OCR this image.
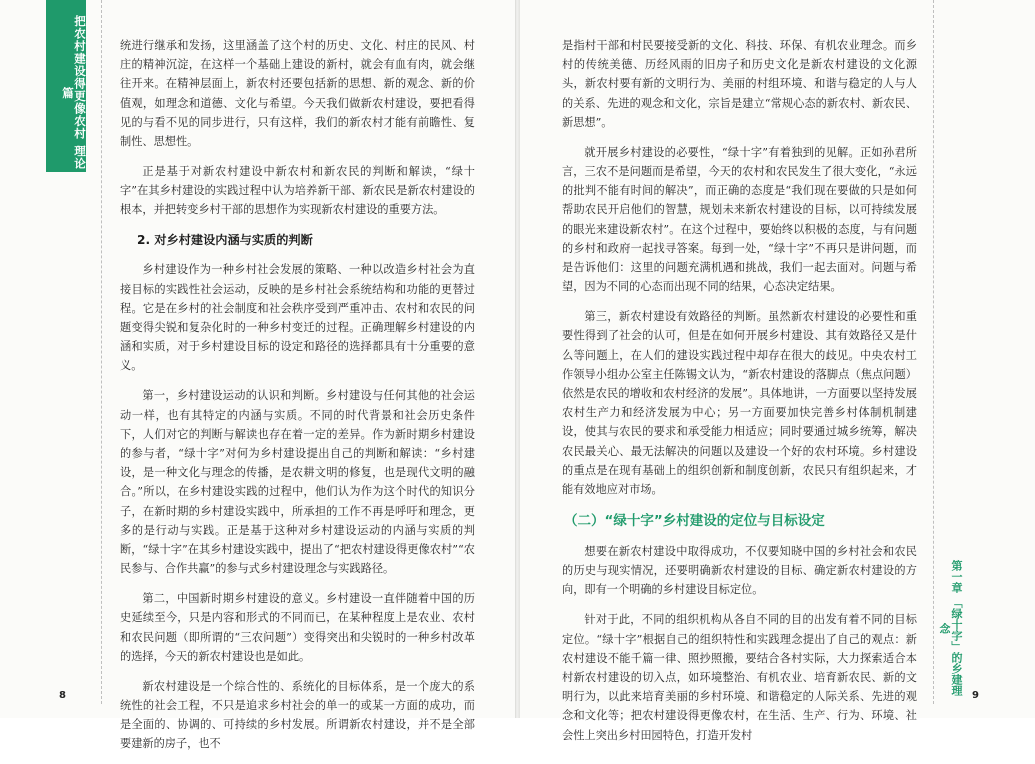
把农村建设得更像农村 理论篇

统进行继承和发扬，这里涵盖了这个村的历史、文化、村庄的民风、村庄的精神沉淀，在这样一个基础上建设的新村，就会有血有肉，就会继往开来。在精神层面上，新农村还要包括新的思想、新的观念、新的价值观，如理念和道德、文化与希望。今天我们做新农村建设，要把看得见的与看不见的同步进行，只有这样，我们的新农村才能有前瞻性、复制性、思想性。

正是基于对新农村建设中新农村和新农民的判断和解读，“绿十字”在其乡村建设的实践过程中认为培养新干部、新农民是新农村建设的根本，并把转变乡村干部的思想作为实现新农村建设的重要方法。

2. 对乡村建设内涵与实质的判断

乡村建设作为一种乡村社会发展的策略、一种以改造乡村社会为直接目标的实践性社会运动，反映的是乡村社会系统结构和功能的更替过程。它是在乡村的社会制度和社会秩序受到严重冲击、农村和农民的问题变得尖锐和复杂化时的一种乡村变迁的过程。正确理解乡村建设的内涵和实质，对于乡村建设目标的设定和路径的选择都具有十分重要的意义。

第一，乡村建设运动的认识和判断。乡村建设与任何其他的社会运动一样，也有其特定的内涵与实质。不同的时代背景和社会历史条件下，人们对它的判断与解读也存在着一定的差异。作为新时期乡村建设的参与者，“绿十字”对何为乡村建设提出自己的判断和解读：“乡村建设，是一种文化与理念的传播，是农耕文明的修复，也是现代文明的融合。”所以，在乡村建设实践的过程中，他们认为作为这个时代的知识分子，在新时期的乡村建设实践中，所承担的工作不再是呼吁和理念，更多的是行动与实践。正是基于这种对乡村建设运动的内涵与实质的判断，“绿十字”在其乡村建设实践中，提出了“把农村建设得更像农村”“农民参与、合作共赢”的参与式乡村建设理念与实践路径。

第二，中国新时期乡村建设的意义。乡村建设一直伴随着中国的历史延续至今，只是内容和形式的不同而已，在某种程度上是农业、农村和农民问题（即所谓的“三农问题”）变得突出和尖锐时的一种乡村改革的选择，今天的新农村建设也是如此。

新农村建设是一个综合性的、系统化的目标体系，是一个庞大的系统性的社会工程，不只是追求乡村社会的单一的或某一方面的成功，而是全面的、协调的、可持续的乡村发展。所谓新农村建设，并不是全部要建新的房子，也不

8

是指村干部和村民要接受新的文化、科技、环保、有机农业理念。而乡村的传统美德、历经风雨的旧房子和历史文化是新农村建设的文化源头，新农村要有新的文明行为、美丽的村组环境、和谐与稳定的人与人的关系、先进的观念和文化，宗旨是建立“常规心态的新农村、新农民、新思想”。

就开展乡村建设的必要性，“绿十字”有着独到的见解。正如孙君所言，三农不是问题而是希望，今天的农村和农民发生了很大变化，“永远的批判不能有时间的解决”，而正确的态度是“我们现在要做的只是如何帮助农民开启他们的智慧，规划未来新农村建设的目标，以可持续发展的眼光来建设新农村”。在这个过程中，要始终以积极的态度，与有问题的乡村和政府一起找寻答案。每到一处，“绿十字”不再只是讲问题，而是告诉他们：这里的问题充满机遇和挑战，我们一起去面对。问题与希望，因为不同的心态而出现不同的结果，心态决定结果。

第三，新农村建设有效路径的判断。虽然新农村建设的必要性和重要性得到了社会的认可，但是在如何开展乡村建设、其有效路径又是什么等问题上，在人们的建设实践过程中却存在很大的歧见。中央农村工作领导小组办公室主任陈锡文认为，“新农村建设的落脚点（焦点问题）依然是农民的增收和农村经济的发展”。具体地讲，一方面要以坚持发展农村生产力和经济发展为中心；另一方面要加快完善乡村体制机制建设，使其与农民的要求和承受能力相适应；同时要通过城乡统筹，解决农民最关心、最无法解决的问题以及建设一个好的农村环境。乡村建设的重点是在现有基础上的组织创新和制度创新，农民只有组织起来，才能有效地应对市场。

（二）“绿十字”乡村建设的定位与目标设定

想要在新农村建设中取得成功，不仅要知晓中国的乡村社会和农民的历史与现实情况，还要明确新农村建设的目标、确定新农村建设的方向，即有一个明确的乡村建设目标定位。

针对于此，不同的组织机构从各自不同的目的出发有着不同的目标定位。“绿十字”根据自己的组织特性和实践理念提出了自己的观点：新农村建设不能千篇一律、照抄照搬，要结合各村实际，大力探索适合本村新农村建设的切入点，如环境整治、有机农业、培育新农民、新的文明行为，以此来培育美丽的乡村环境、和谐稳定的人际关系、先进的观念和文化等；把农村建设得更像农村，在生活、生产、行为、环境、社会性上突出乡村田园特色，打造开发村

第一章 「绿十字」的乡建理念
9
